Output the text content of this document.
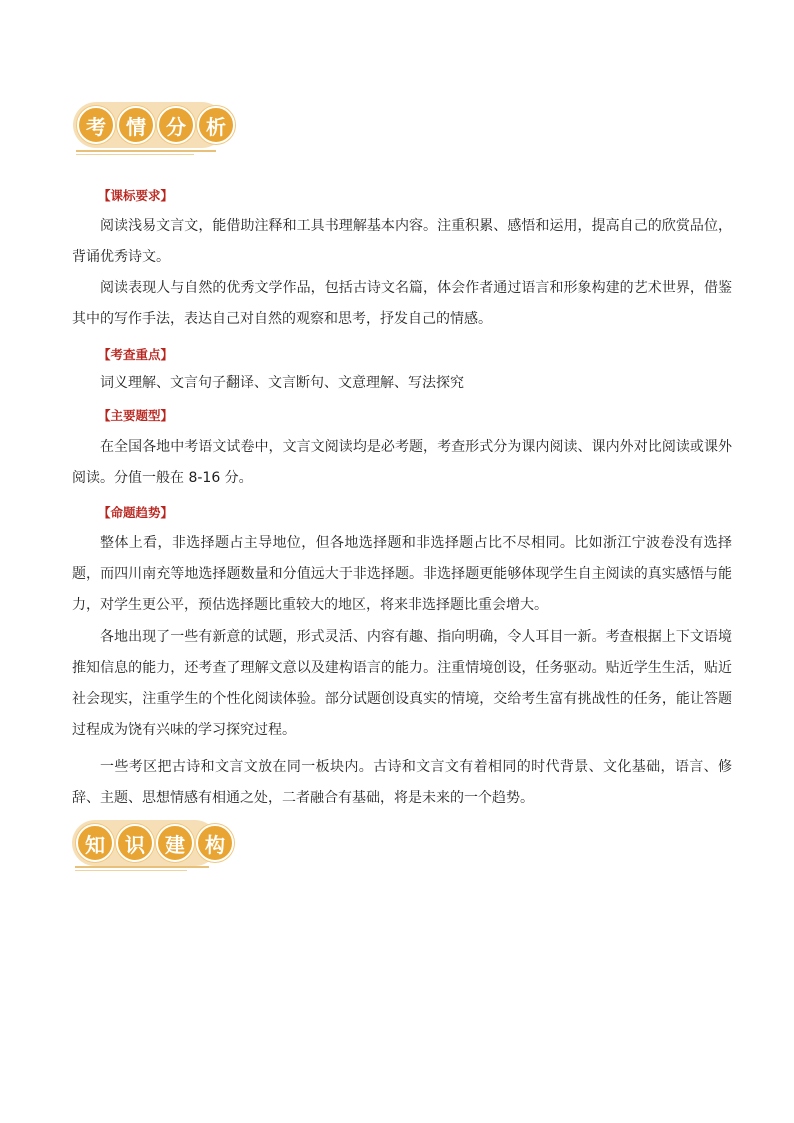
考	情	分	析
【课标要求】

阅读浅易文言文，能借助注释和工具书理解基本内容。注重积累、感悟和运用，提高自己的欣赏品位，背诵优秀诗文。

阅读表现人与自然的优秀文学作品，包括古诗文名篇，体会作者通过语言和形象构建的艺术世界，借鉴其中的写作手法，表达自己对自然的观察和思考，抒发自己的情感。

【考查重点】

词义理解、文言句子翻译、文言断句、文意理解、写法探究

【主要题型】

在全国各地中考语文试卷中，文言文阅读均是必考题，考查形式分为课内阅读、课内外对比阅读或课外阅读。分值一般在 8-16 分。

【命题趋势】

整体上看，非选择题占主导地位，但各地选择题和非选择题占比不尽相同。比如浙江宁波卷没有选择题，而四川南充等地选择题数量和分值远大于非选择题。非选择题更能够体现学生自主阅读的真实感悟与能力，对学生更公平，预估选择题比重较大的地区，将来非选择题比重会增大。

各地出现了一些有新意的试题，形式灵活、内容有趣、指向明确，令人耳目一新。考查根据上下文语境推知信息的能力，还考查了理解文意以及建构语言的能力。注重情境创设，任务驱动。贴近学生生活，贴近社会现实，注重学生的个性化阅读体验。部分试题创设真实的情境，交给考生富有挑战性的任务，能让答题过程成为饶有兴味的学习探究过程。

一些考区把古诗和文言文放在同一板块内。古诗和文言文有着相同的时代背景、文化基础，语言、修辞、主题、思想情感有相通之处，二者融合有基础，将是未来的一个趋势。

知	识	建	构
